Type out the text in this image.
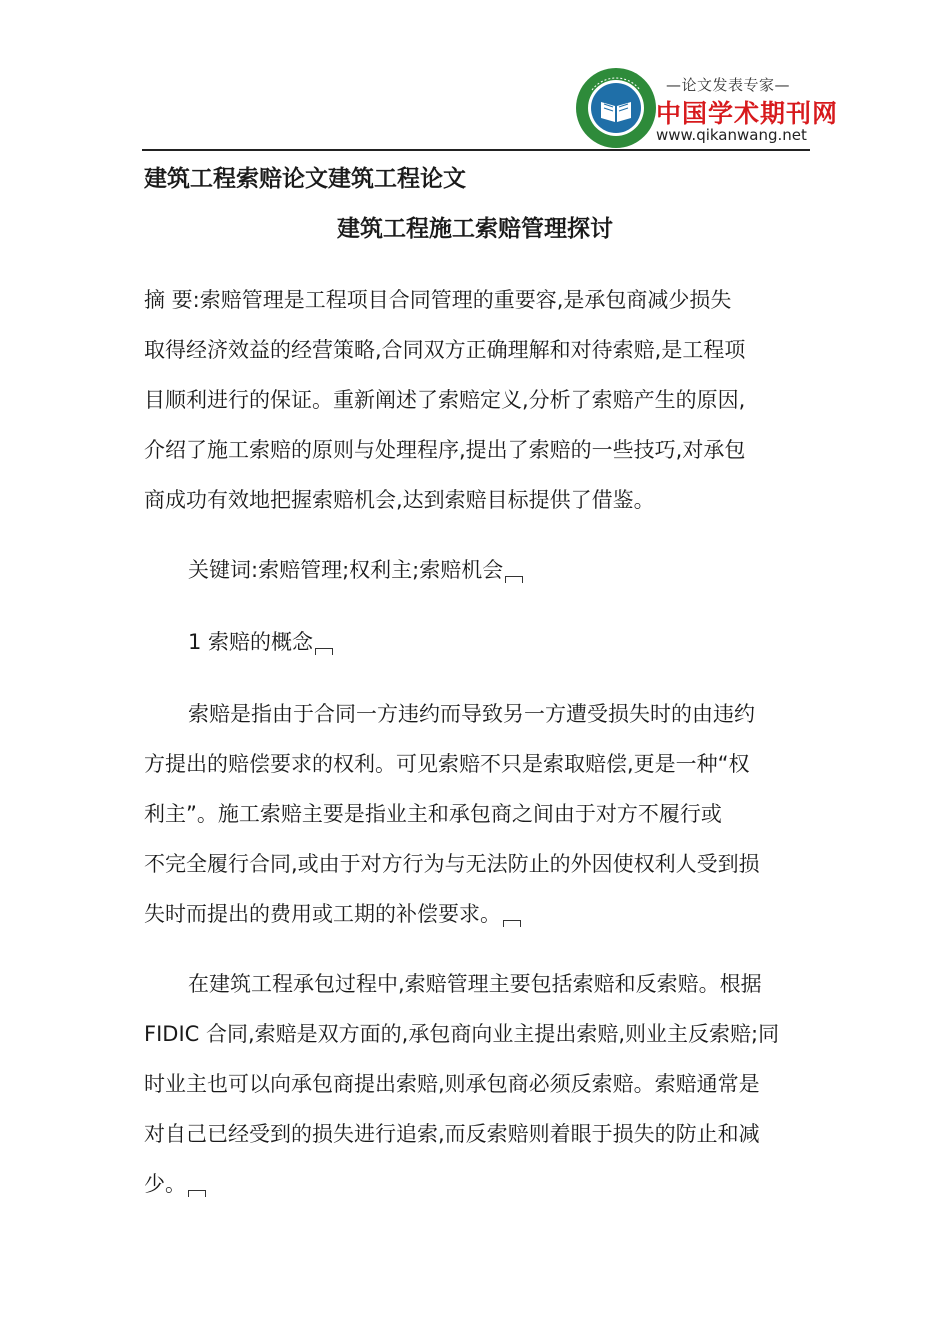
—论文发表专家—
中国学术期刊网
www.qikanwang.net
建筑工程索赔论文建筑工程论文
建筑工程施工索赔管理探讨
摘 要:索赔管理是工程项目合同管理的重要容,是承包商减少损失
取得经济效益的经营策略,合同双方正确理解和对待索赔,是工程项
目顺利进行的保证。重新阐述了索赔定义,分析了索赔产生的原因,
介绍了施工索赔的原则与处理程序,提出了索赔的一些技巧,对承包
商成功有效地把握索赔机会,达到索赔目标提供了借鉴。
关键词:索赔管理;权利主;索赔机会
1 索赔的概念
索赔是指由于合同一方违约而导致另一方遭受损失时的由违约
方提出的赔偿要求的权利。可见索赔不只是索取赔偿,更是一种“权
利主”。施工索赔主要是指业主和承包商之间由于对方不履行或
不完全履行合同,或由于对方行为与无法防止的外因使权利人受到损
失时而提出的费用或工期的补偿要求。
在建筑工程承包过程中,索赔管理主要包括索赔和反索赔。根据
FIDIC 合同,索赔是双方面的,承包商向业主提出索赔,则业主反索赔;同
时业主也可以向承包商提出索赔,则承包商必须反索赔。索赔通常是
对自己已经受到的损失进行追索,而反索赔则着眼于损失的防止和减
少。
